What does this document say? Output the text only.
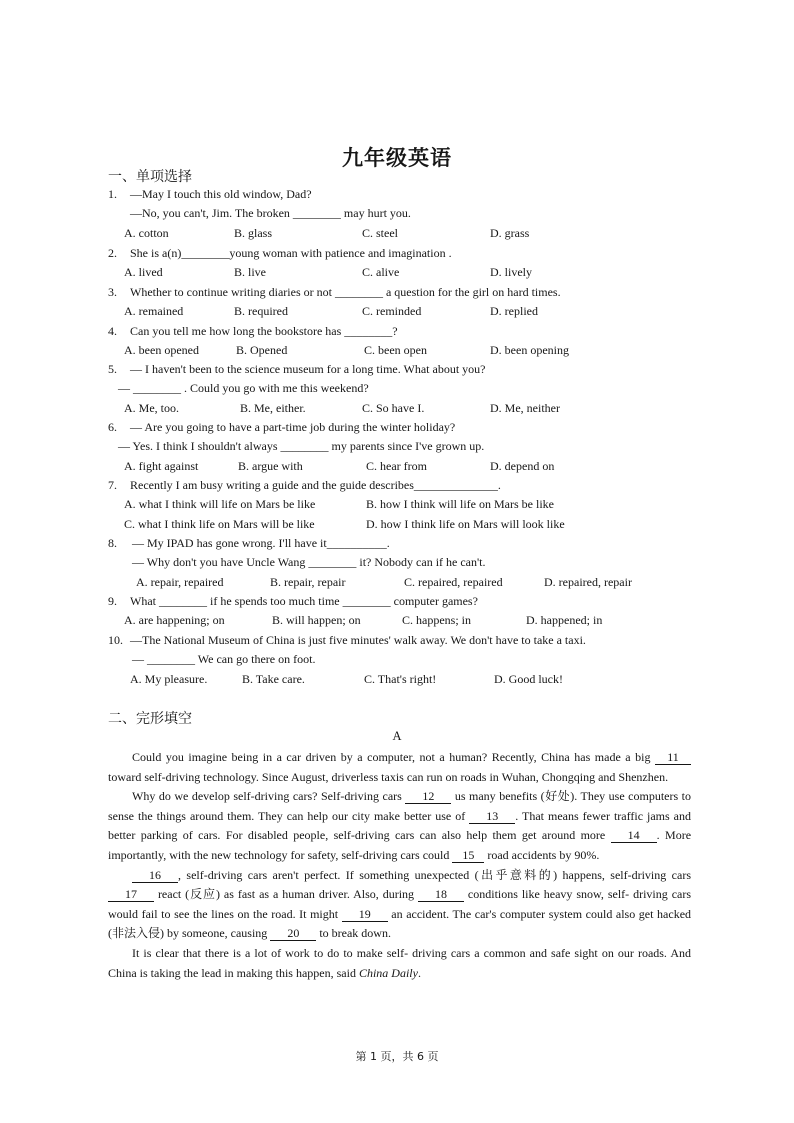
九年级英语
一、单项选择
1. —May I touch this old window, Dad?
—No, you can't, Jim. The broken ________ may hurt you.
A. cotton	B. glass	C. steel	D. grass
2. She is a(n)________young woman with patience and imagination .
A. lived	B. live	C. alive	D. lively
3. Whether to continue writing diaries or not ________ a question for the girl on hard times.
A. remained	B. required	C. reminded	D. replied
4. Can you tell me how long the bookstore has ________?
A. been opened	B. Opened	C. been open	D. been opening
5. — I haven't been to the science museum for a long time. What about you?
— ________ . Could you go with me this weekend?
A. Me, too.	B. Me, either.	C. So have I.	D. Me, neither
6. — Are you going to have a part-time job during the winter holiday?
— Yes. I think I shouldn't always ________ my parents since I've grown up.
A. fight against	B. argue with	C. hear from	D. depend on
7. Recently I am busy writing a guide and the guide describes______________.
A. what I think will life on Mars be like	B. how I think will life on Mars be like
C. what I think life on Mars will be like	D. how I think life on Mars will look like
8. — My IPAD has gone wrong. I'll have it__________.
— Why don't you have Uncle Wang ________ it? Nobody can if he can't.
A. repair, repaired	B. repair, repair	C. repaired, repaired	D. repaired, repair
9. What ________ if he spends too much time ________ computer games?
A. are happening; on	B. will happen; on	C. happens; in	D. happened; in
10. —The National Museum of China is just five minutes' walk away. We don't have to take a taxi.
— ________ We can go there on foot.
A. My pleasure.	B. Take care.	C. That's right!	D. Good luck!
二、完形填空
A

Could you imagine being in a car driven by a computer, not a human? Recently, China has made a big 11 toward self-driving technology. Since August, driverless taxis can run on roads in Wuhan, Chongqing and Shenzhen.

Why do we develop self-driving cars? Self-driving cars 12 us many benefits (好处). They use computers to sense the things around them. They can help our city make better use of 13 . That means fewer traffic jams and better parking of cars. For disabled people, self-driving cars can also help them get around more 14 . More importantly, with the new technology for safety, self-driving cars could 15 road accidents by 90%.

16 , self-driving cars aren't perfect. If something unexpected (出乎意料的) happens, self-driving cars 17 react (反应) as fast as a human driver. Also, during 18 conditions like heavy snow, self- driving cars would fail to see the lines on the road. It might 19 an accident. The car's computer system could also get hacked (非法入侵) by someone, causing 20 to break down.

It is clear that there is a lot of work to do to make self- driving cars a common and safe sight on our roads. And China is taking the lead in making this happen, said China Daily.

第 1 页，共 6 页
